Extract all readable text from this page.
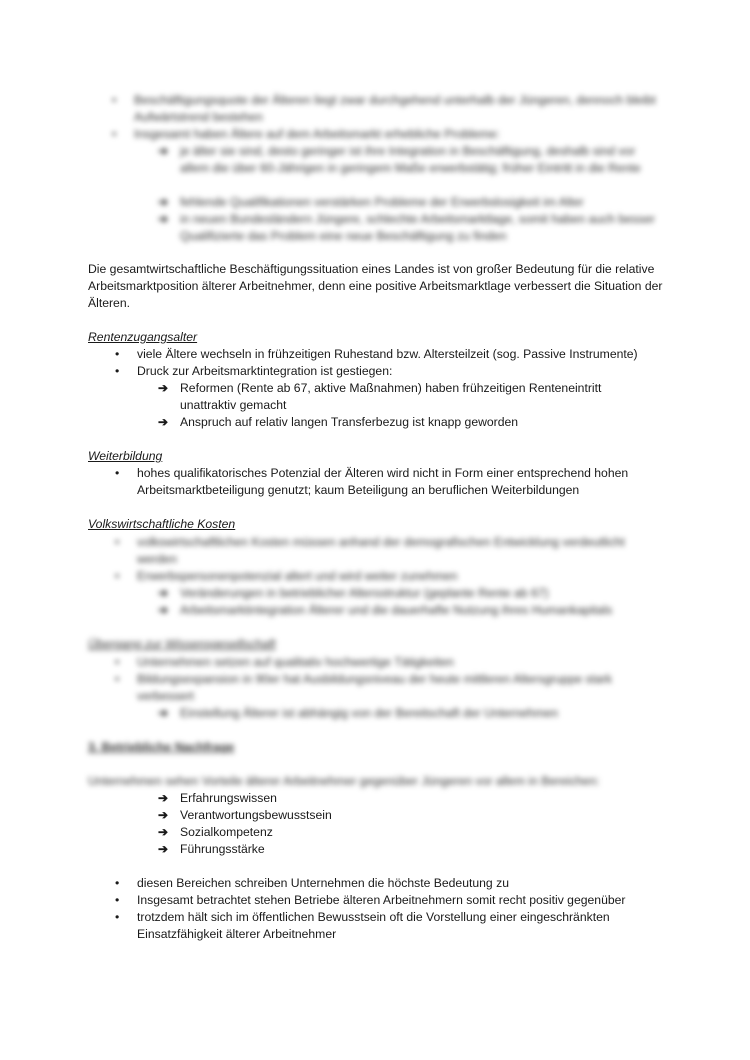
•	Beschäftigungsquote der Älteren liegt zwar durchgehend unterhalb der Jüngeren, dennoch bleibt Aufwärtstrend bestehen
•	Insgesamt haben Ältere auf dem Arbeitsmarkt erhebliche Probleme:
➔ je älter sie sind, desto geringer ist ihre Integration in Beschäftigung, deshalb sind vor allem die über 60-Jährigen in geringem Maße erwerbstätig; früher Eintritt in die Rente
➔ fehlende Qualifikationen verstärken Probleme der Erwerbslosigkeit im Alter
➔ in neuen Bundesländern Jüngere, schlechte Arbeitsmarktlage, somit haben auch besser Qualifizierte das Problem eine neue Beschäftigung zu finden
Die gesamtwirtschaftliche Beschäftigungssituation eines Landes ist von großer Bedeutung für die relative Arbeitsmarktposition älterer Arbeitnehmer, denn eine positive Arbeitsmarktlage verbessert die Situation der Älteren.
Rentenzugangsalter
•	viele Ältere wechseln in frühzeitigen Ruhestand bzw. Altersteilzeit (sog. Passive Instrumente)
•	Druck zur Arbeitsmarktintegration ist gestiegen:
➔ Reformen (Rente ab 67, aktive Maßnahmen) haben frühzeitigen Renteneintritt unattraktiv gemacht
➔ Anspruch auf relativ langen Transferbezug ist knapp geworden
Weiterbildung
•	hohes qualifikatorisches Potenzial der Älteren wird nicht in Form einer entsprechend hohen Arbeitsmarktbeteiligung genutzt; kaum Beteiligung an beruflichen Weiterbildungen
Volkswirtschaftliche Kosten
•	volkswirtschaftlichen Kosten müssen anhand der demografischen Entwicklung verdeutlicht werden
•	Erwerbspersonenpotenzial altert und wird weiter zunehmen
➔ Veränderungen in betrieblicher Altersstruktur (geplante Rente ab 67)
➔ Arbeitsmarktintegration Älterer und die dauerhafte Nutzung ihres Humankapitals
Übergang zur Wissensgesellschaft
•	Unternehmen setzen auf qualitativ hochwertige Tätigkeiten
•	Bildungsexpansion in 90er hat Ausbildungsniveau der heute mittleren Altersgruppe stark verbessert
➔ Einstellung Älterer ist abhängig von der Bereitschaft der Unternehmen
3. Betriebliche Nachfrage
Unternehmen sehen Vorteile älterer Arbeitnehmer gegenüber Jüngeren vor allem in Bereichen:
➔ Erfahrungswissen
➔ Verantwortungsbewusstsein
➔ Sozialkompetenz
➔ Führungsstärke
•	diesen Bereichen schreiben Unternehmen die höchste Bedeutung zu
•	Insgesamt betrachtet stehen Betriebe älteren Arbeitnehmern somit recht positiv gegenüber
•	trotzdem hält sich im öffentlichen Bewusstsein oft die Vorstellung einer eingeschränkten Einsatzfähigkeit älterer Arbeitnehmer
